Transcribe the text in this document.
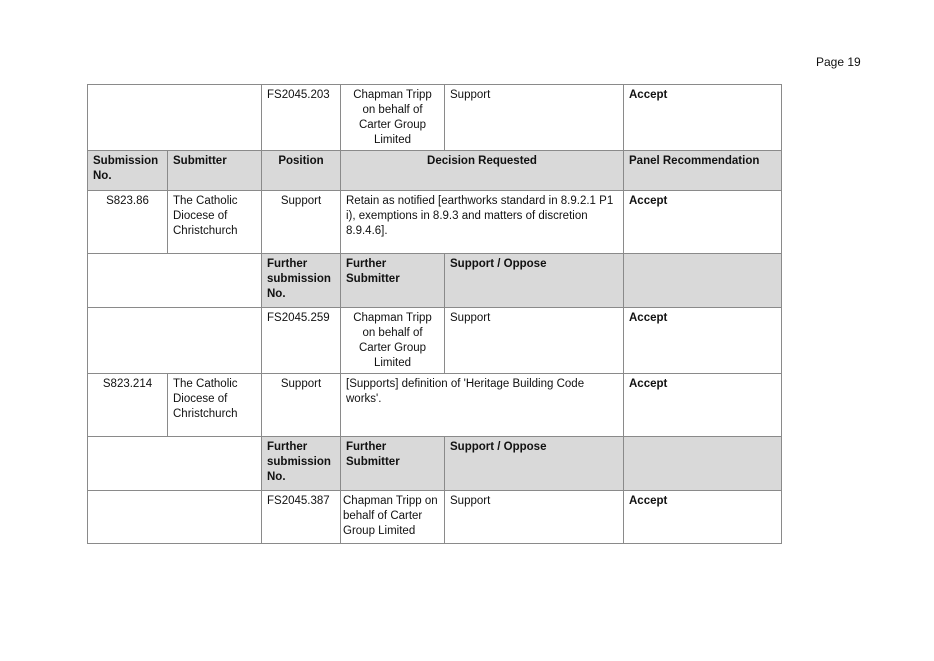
Page 19
		FS2045.203	Chapman Tripp on behalf of Carter Group Limited	Support	Accept
Submission No.	Submitter	Position	Decision Requested		Panel Recommendation
S823.86	The Catholic Diocese of Christchurch	Support	Retain as notified [earthworks standard in 8.9.2.1 P1 i), exemptions in 8.9.3 and matters of discretion 8.9.4.6].		Accept
		Further submission No.	Further Submitter	Support / Oppose	
		FS2045.259	Chapman Tripp on behalf of Carter Group Limited	Support	Accept
S823.214	The Catholic Diocese of Christchurch	Support	[Supports] definition of 'Heritage Building Code works'.		Accept
		Further submission No.	Further Submitter	Support / Oppose	
		FS2045.387	Chapman Tripp on behalf of Carter Group Limited	Support	Accept
